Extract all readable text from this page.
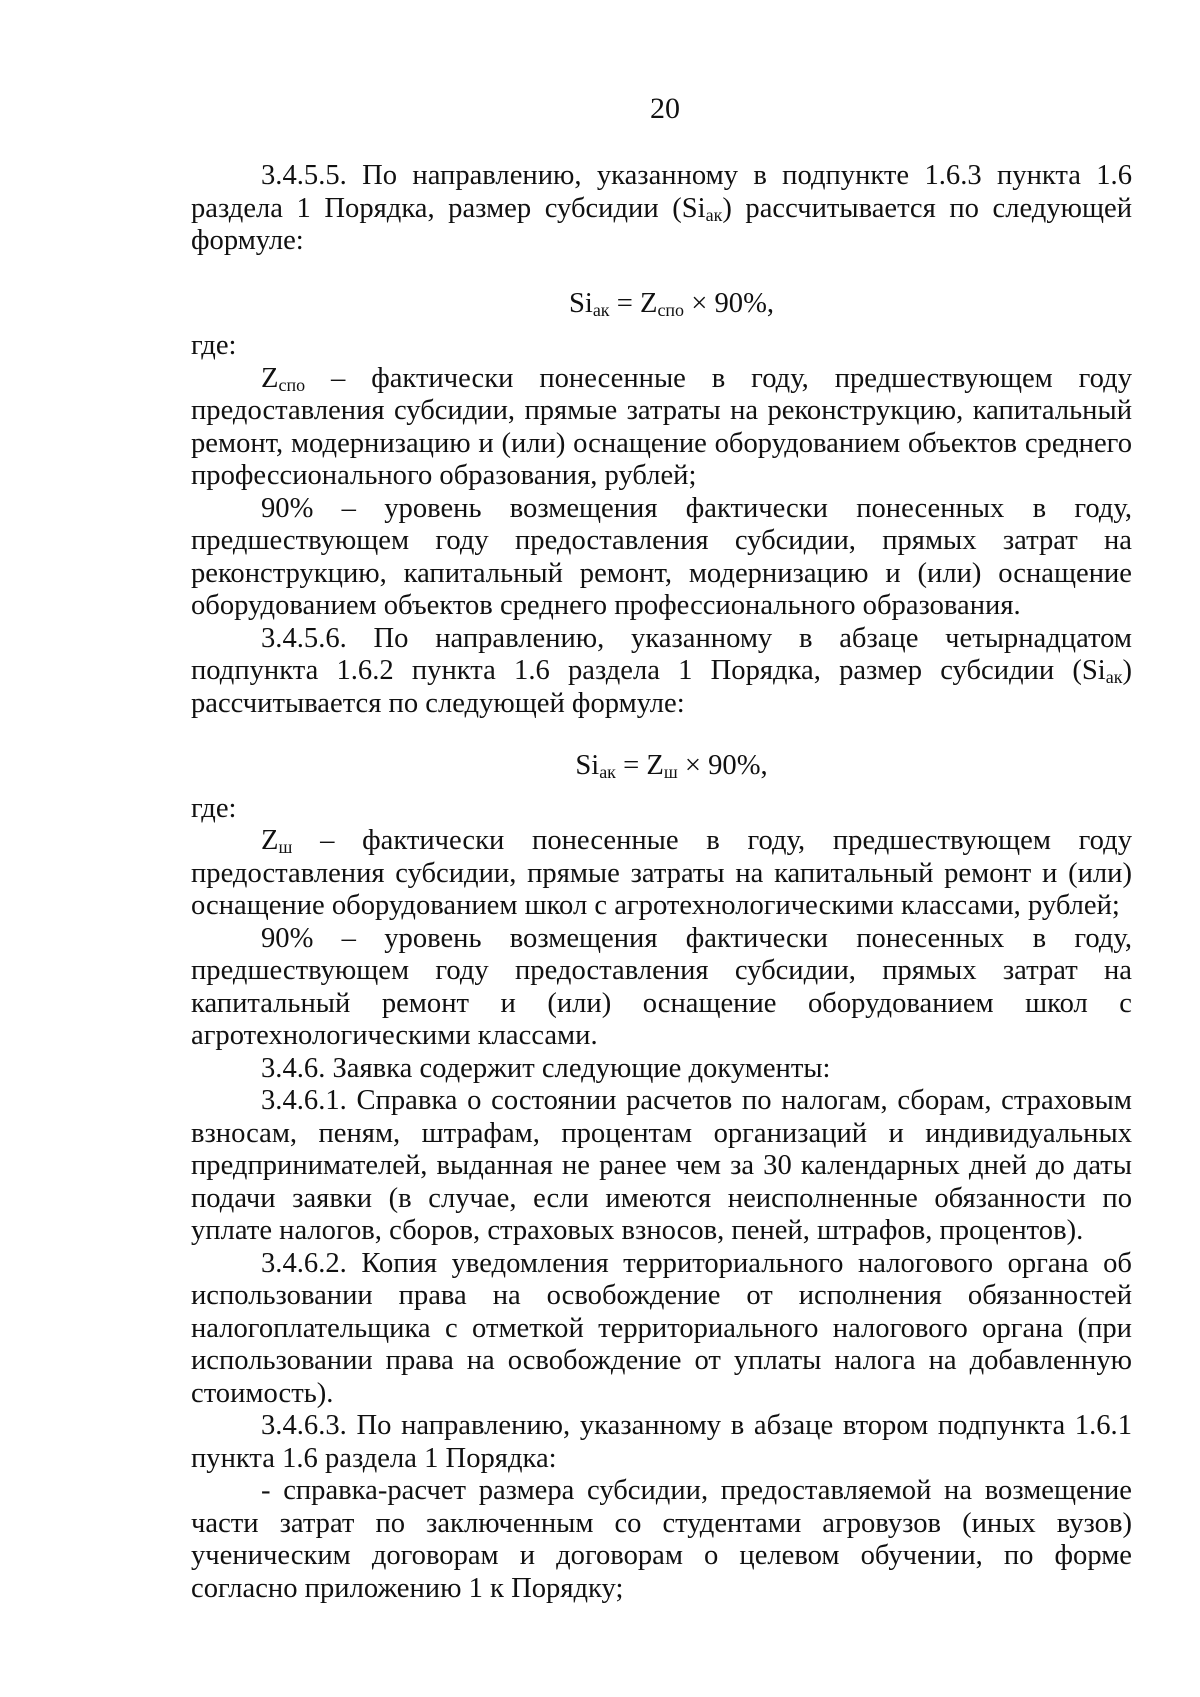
20

3.4.5.5. По направлению, указанному в подпункте 1.6.3 пункта 1.6 раздела 1 Порядка, размер субсидии $(Si_{ак})$ рассчитывается по следующей формуле:

$Si_{ак} = Z_{спо} \times 90\%$,

где:

$Z_{спо}$ – фактически понесенные в году, предшествующем году предоставления субсидии, прямые затраты на реконструкцию, капитальный ремонт, модернизацию и (или) оснащение оборудованием объектов среднего профессионального образования, рублей;

90% – уровень возмещения фактически понесенных в году, предшествующем году предоставления субсидии, прямых затрат на реконструкцию, капитальный ремонт, модернизацию и (или) оснащение оборудованием объектов среднего профессионального образования.

3.4.5.6. По направлению, указанному в абзаце четырнадцатом подпункта 1.6.2 пункта 1.6 раздела 1 Порядка, размер субсидии $(Si_{ак})$ рассчитывается по следующей формуле:

$Si_{ак} = Z_ш \times 90\%$,

где:

$Z_ш$ – фактически понесенные в году, предшествующем году предоставления субсидии, прямые затраты на капитальный ремонт и (или) оснащение оборудованием школ с агротехнологическими классами, рублей;

90% – уровень возмещения фактически понесенных в году, предшествующем году предоставления субсидии, прямых затрат на капитальный ремонт и (или) оснащение оборудованием школ с агротехнологическими классами.

3.4.6. Заявка содержит следующие документы:

3.4.6.1. Справка о состоянии расчетов по налогам, сборам, страховым взносам, пеням, штрафам, процентам организаций и индивидуальных предпринимателей, выданная не ранее чем за 30 календарных дней до даты подачи заявки (в случае, если имеются неисполненные обязанности по уплате налогов, сборов, страховых взносов, пеней, штрафов, процентов).

3.4.6.2. Копия уведомления территориального налогового органа об использовании права на освобождение от исполнения обязанностей налогоплательщика с отметкой территориального налогового органа (при использовании права на освобождение от уплаты налога на добавленную стоимость).

3.4.6.3. По направлению, указанному в абзаце втором подпункта 1.6.1 пункта 1.6 раздела 1 Порядка:

- справка-расчет размера субсидии, предоставляемой на возмещение части затрат по заключенным со студентами агровузов (иных вузов) ученическим договорам и договорам о целевом обучении, по форме согласно приложению 1 к Порядку;
